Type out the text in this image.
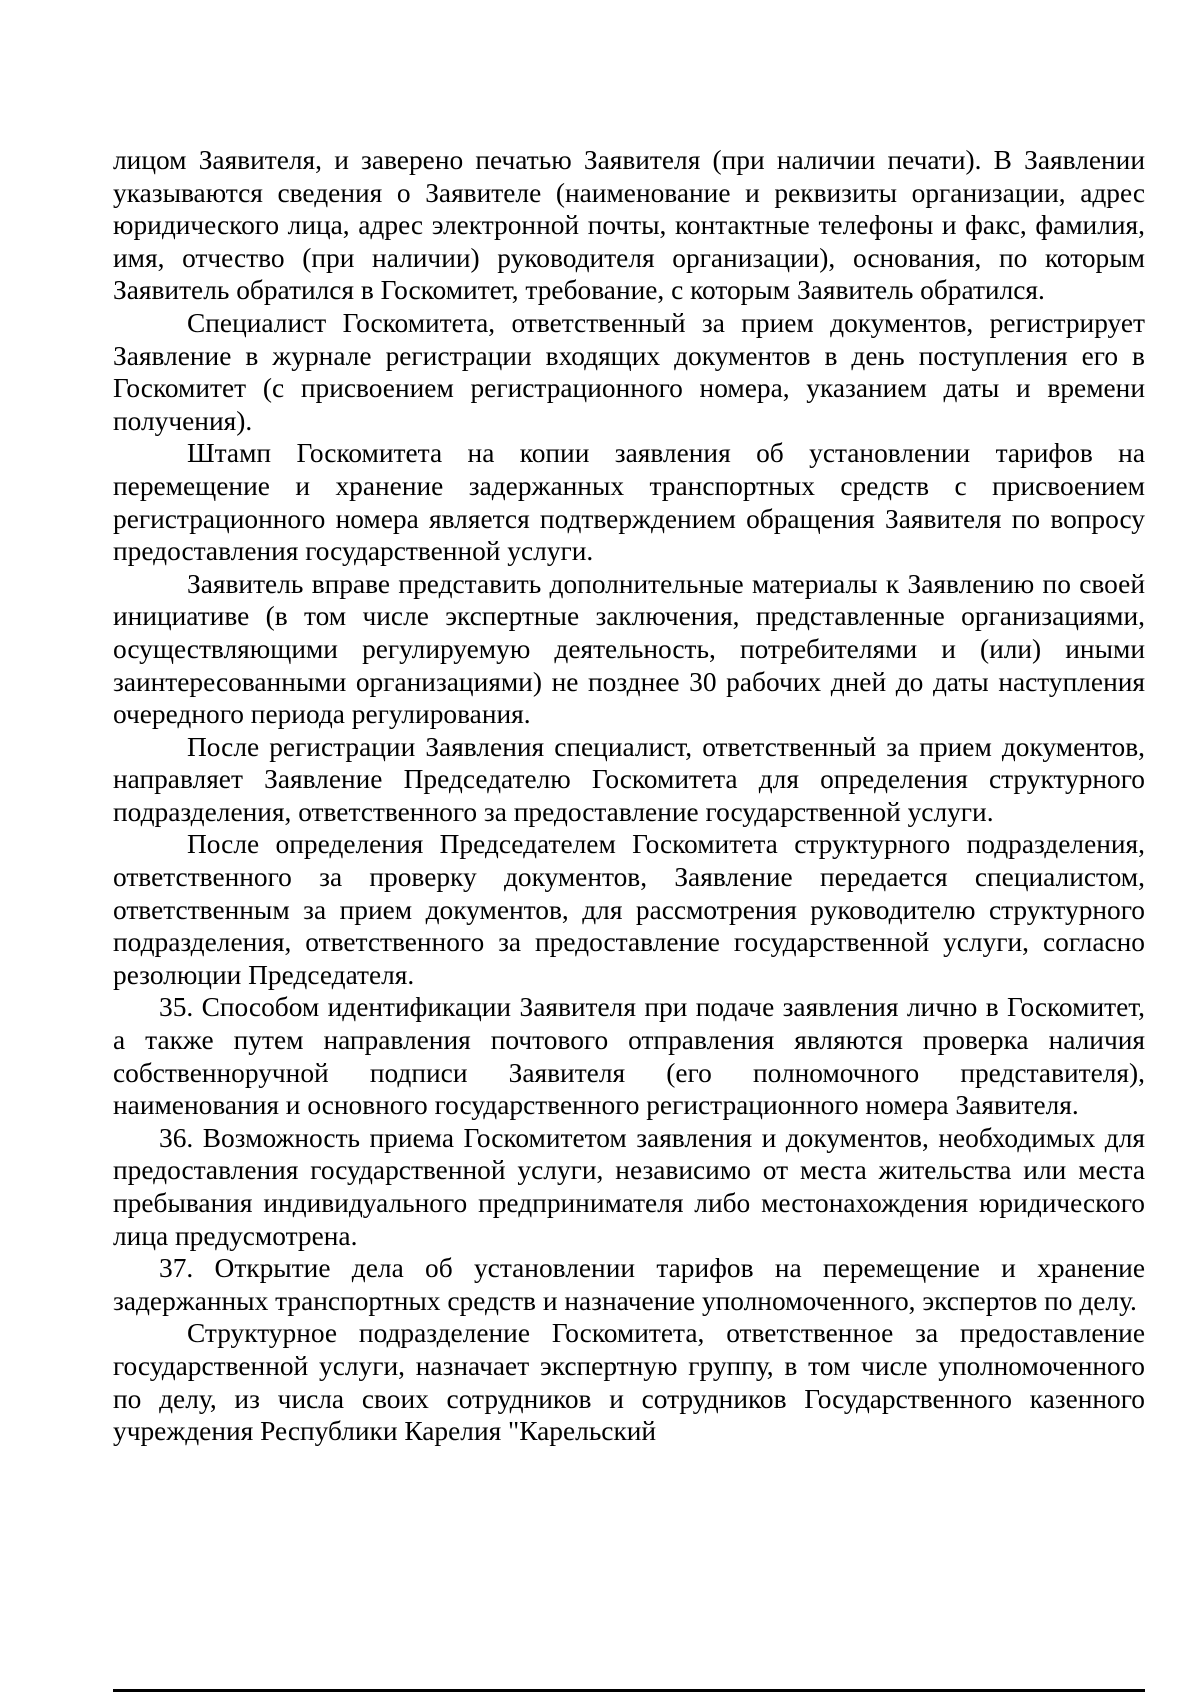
лицом Заявителя, и заверено печатью Заявителя (при наличии печати). В Заявлении указываются сведения о Заявителе (наименование и реквизиты организации, адрес юридического лица, адрес электронной почты, контактные телефоны и факс, фамилия, имя, отчество (при наличии) руководителя организации), основания, по которым Заявитель обратился в Госкомитет, требование, с которым Заявитель обратился.

Специалист Госкомитета, ответственный за прием документов, регистрирует Заявление в журнале регистрации входящих документов в день поступления его в Госкомитет (с присвоением регистрационного номера, указанием даты и времени получения).

Штамп Госкомитета на копии заявления об установлении тарифов на перемещение и хранение задержанных транспортных средств с присвоением регистрационного номера является подтверждением обращения Заявителя по вопросу предоставления государственной услуги.

Заявитель вправе представить дополнительные материалы к Заявлению по своей инициативе (в том числе экспертные заключения, представленные организациями, осуществляющими регулируемую деятельность, потребителями и (или) иными заинтересованными организациями) не позднее 30 рабочих дней до даты наступления очередного периода регулирования.

После регистрации Заявления специалист, ответственный за прием документов, направляет Заявление Председателю Госкомитета для определения структурного подразделения, ответственного за предоставление государственной услуги.

После определения Председателем Госкомитета структурного подразделения, ответственного за проверку документов, Заявление передается специалистом, ответственным за прием документов, для рассмотрения руководителю структурного подразделения, ответственного за предоставление государственной услуги, согласно резолюции Председателя.

35. Способом идентификации Заявителя при подаче заявления лично в Госкомитет, а также путем направления почтового отправления являются проверка наличия собственноручной подписи Заявителя (его полномочного представителя), наименования и основного государственного регистрационного номера Заявителя.

36. Возможность приема Госкомитетом заявления и документов, необходимых для предоставления государственной услуги, независимо от места жительства или места пребывания индивидуального предпринимателя либо местонахождения юридического лица предусмотрена.

37. Открытие дела об установлении тарифов на перемещение и хранение задержанных транспортных средств и назначение уполномоченного, экспертов по делу.

Структурное подразделение Госкомитета, ответственное за предоставление государственной услуги, назначает экспертную группу, в том числе уполномоченного по делу, из числа своих сотрудников и сотрудников Государственного казенного учреждения Республики Карелия "Карельский
